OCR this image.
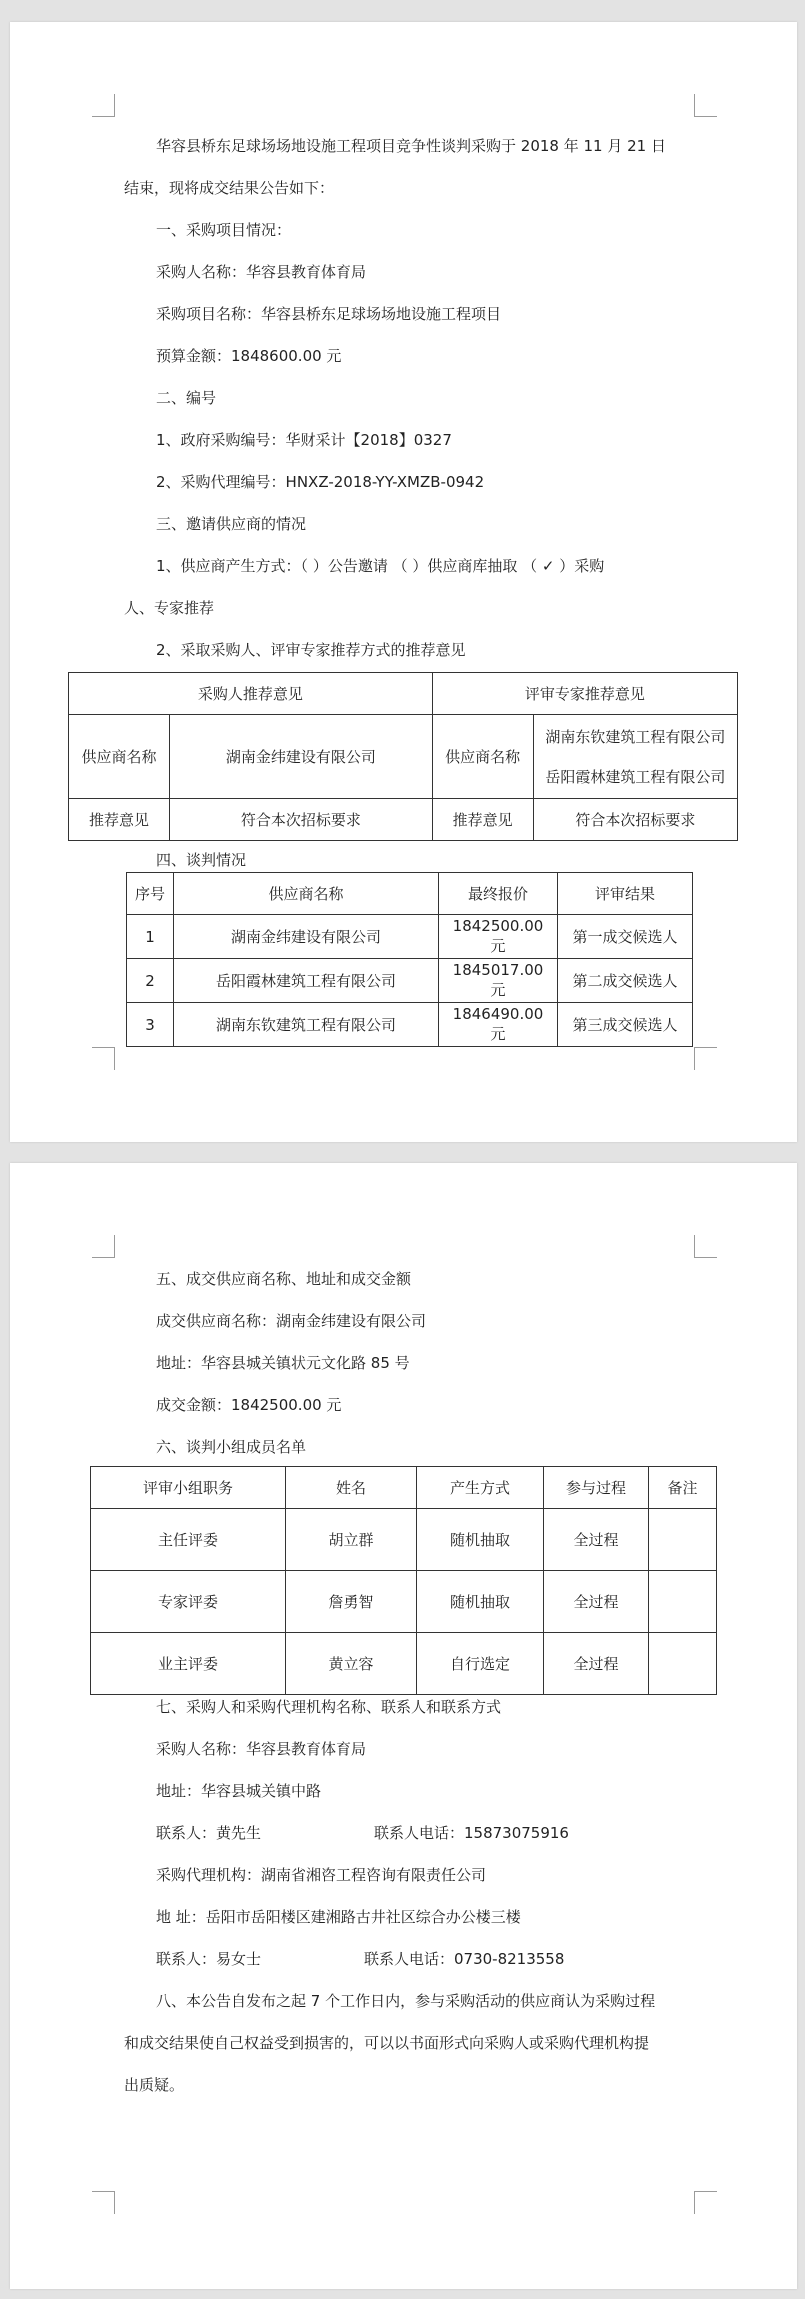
华容县桥东足球场场地设施工程项目竞争性谈判采购于 2018 年 11 月 21 日
结束，现将成交结果公告如下：
一、采购项目情况：
采购人名称：华容县教育体育局
采购项目名称：华容县桥东足球场场地设施工程项目
预算金额：1848600.00 元
二、编号
1、政府采购编号：华财采计【2018】0327
2、采购代理编号：HNXZ-2018-YY-XMZB-0942
三、邀请供应商的情况
1、供应商产生方式：（ ）公告邀请 （ ）供应商库抽取 （ ✓ ）采购
人、专家推荐
2、采取采购人、评审专家推荐方式的推荐意见
采购人推荐意见		评审专家推荐意见	
供应商名称	湖南金纬建设有限公司	供应商名称	湖南东钦建筑工程有限公司
岳阳霞林建筑工程有限公司

推荐意见	符合本次招标要求	推荐意见	符合本次招标要求
四、谈判情况
序号	供应商名称	最终报价	评审结果
1	湖南金纬建设有限公司	1842500.00 元	第一成交候选人
2	岳阳霞林建筑工程有限公司	1845017.00 元	第二成交候选人
3	湖南东钦建筑工程有限公司	1846490.00 元	第三成交候选人
五、成交供应商名称、地址和成交金额
成交供应商名称：湖南金纬建设有限公司
地址：华容县城关镇状元文化路 85 号
成交金额：1842500.00 元
六、谈判小组成员名单
评审小组职务	姓名	产生方式	参与过程	备注
主任评委	胡立群	随机抽取	全过程	
专家评委	詹勇智	随机抽取	全过程	
业主评委	黄立容	自行选定	全过程	
七、采购人和采购代理机构名称、联系人和联系方式
采购人名称：华容县教育体育局
地址：华容县城关镇中路
联系人：黄先生	联系人电话：15873075916
采购代理机构：湖南省湘咨工程咨询有限责任公司
地 址：岳阳市岳阳楼区建湘路古井社区综合办公楼三楼
联系人：易女士	联系人电话：0730-8213558
八、本公告自发布之起 7 个工作日内，参与采购活动的供应商认为采购过程
和成交结果使自己权益受到损害的，可以以书面形式向采购人或采购代理机构提
出质疑。
